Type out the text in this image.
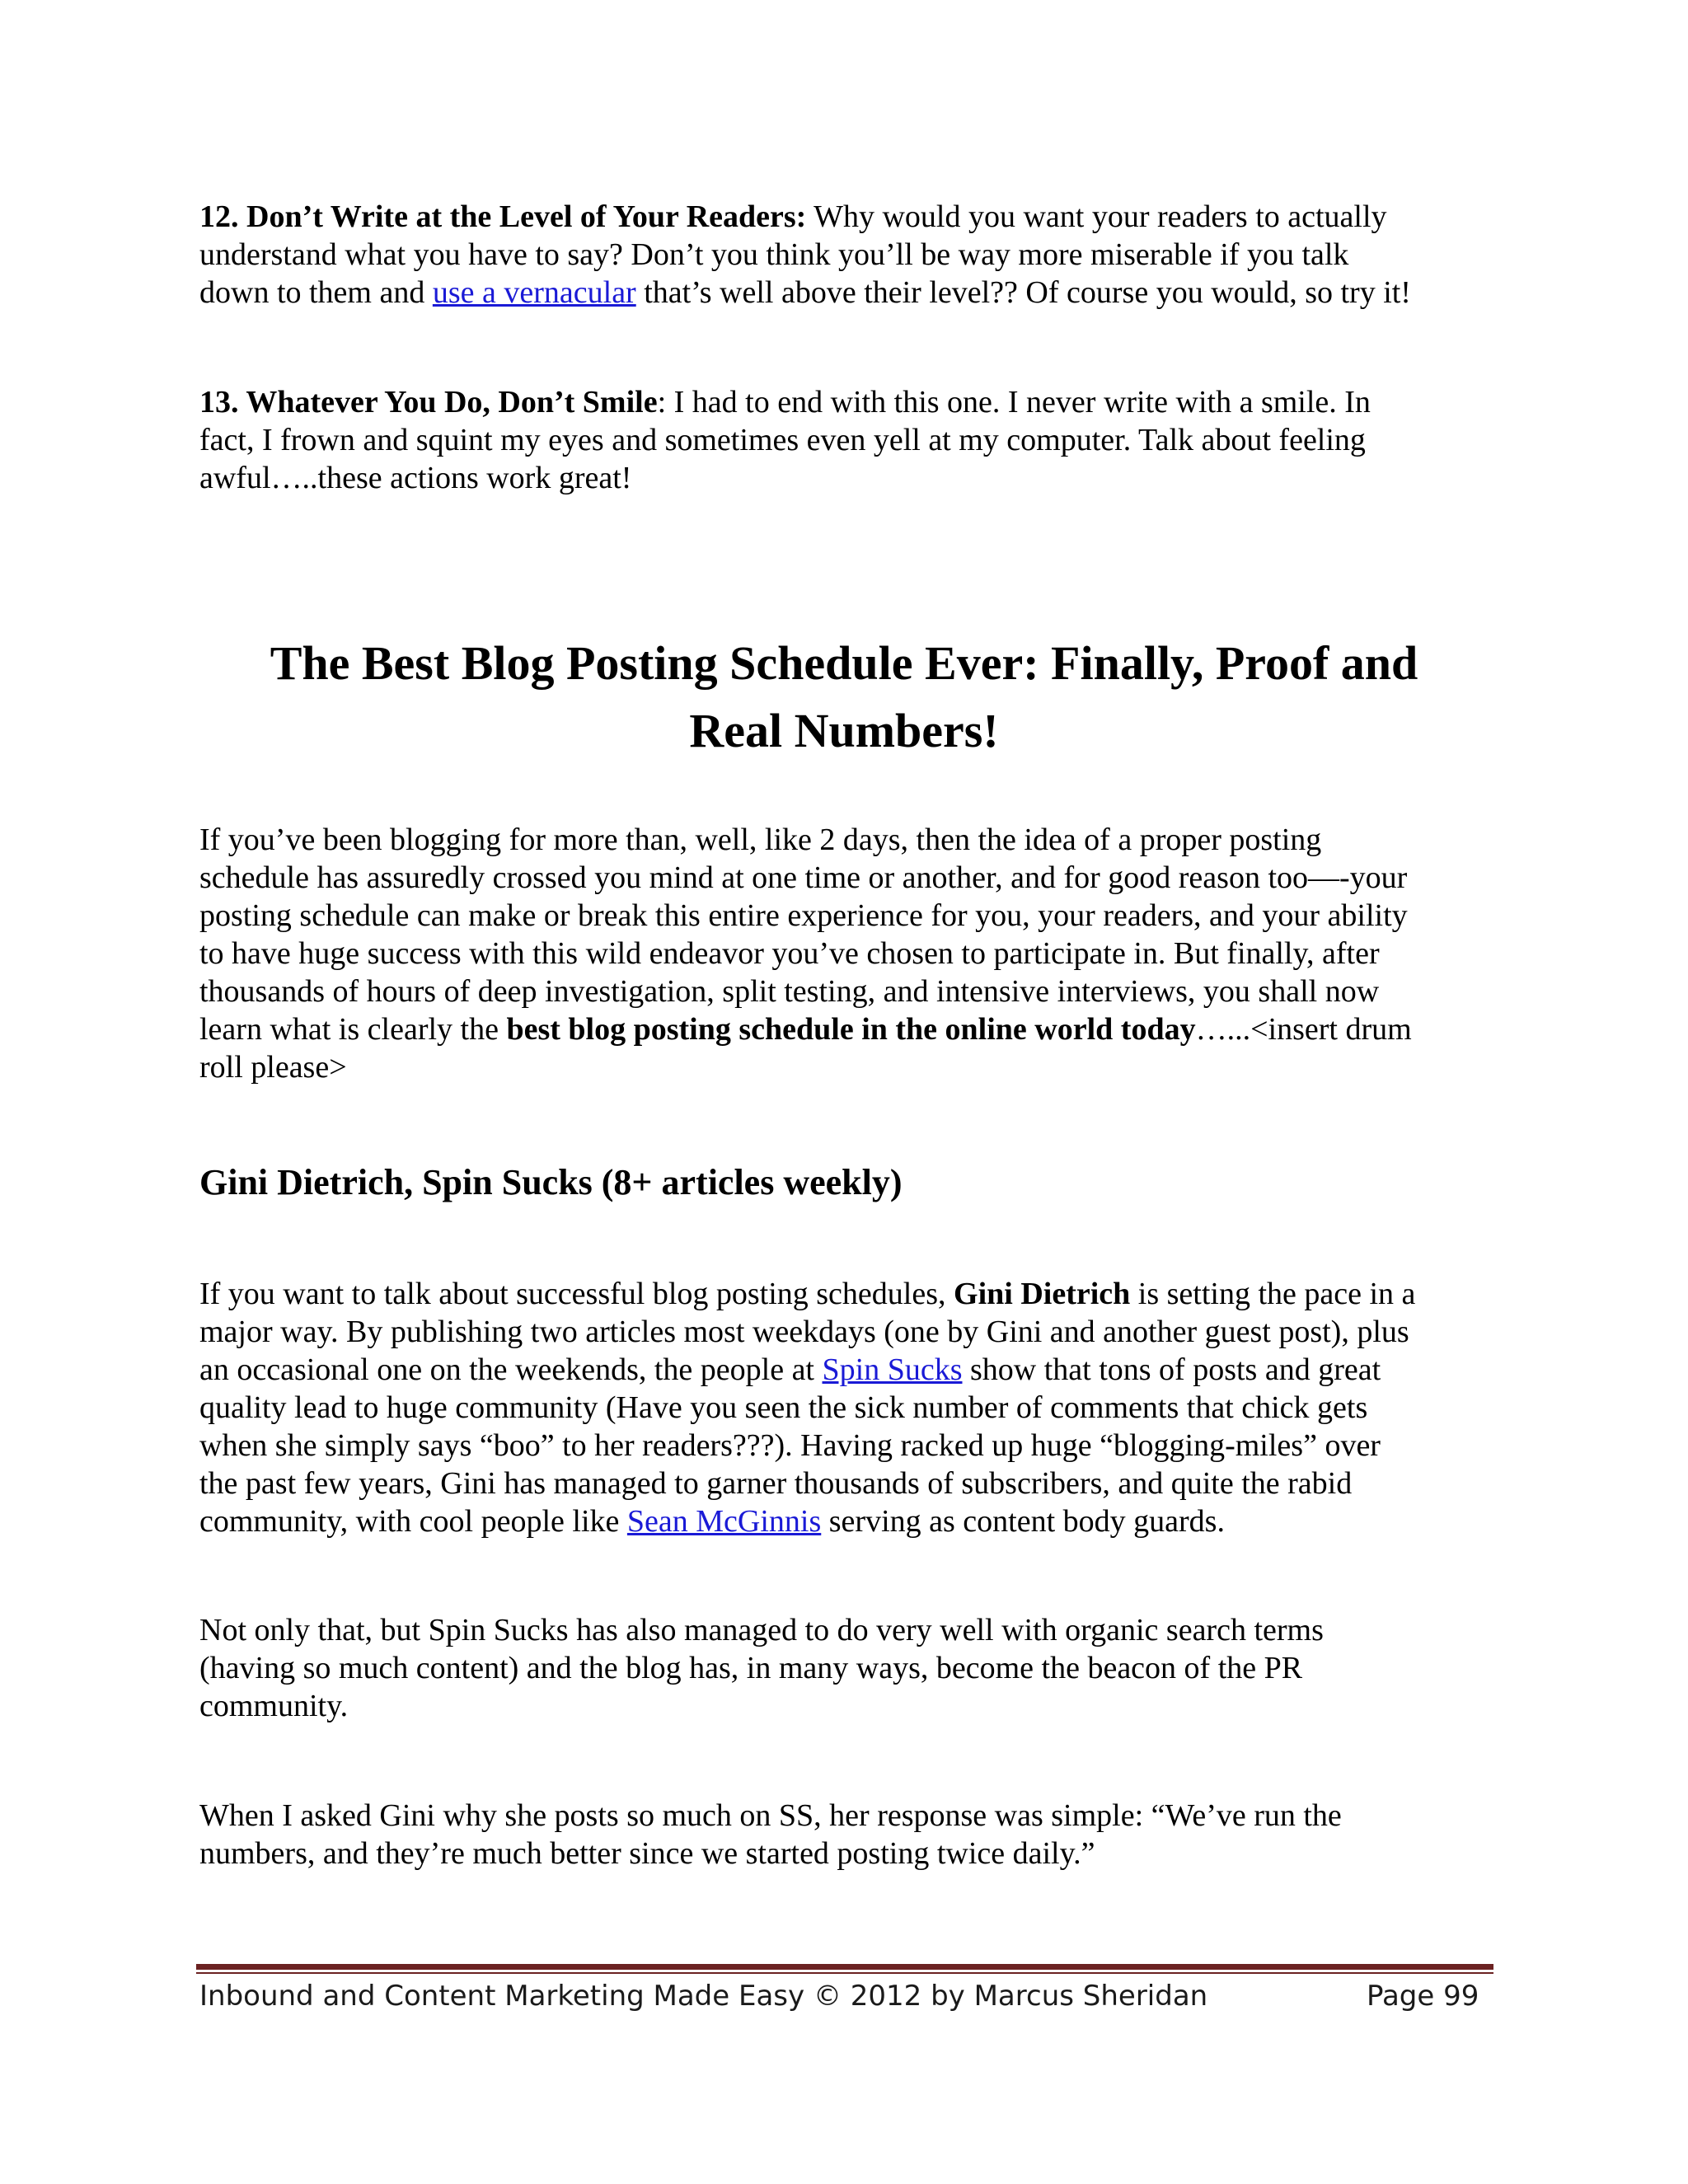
12. Don’t Write at the Level of Your Readers: Why would you want your readers to actually
understand what you have to say? Don’t you think you’ll be way more miserable if you talk
down to them and use a vernacular that’s well above their level?? Of course you would, so try it!

13. Whatever You Do, Don’t Smile: I had to end with this one. I never write with a smile. In
fact, I frown and squint my eyes and sometimes even yell at my computer. Talk about feeling
awful…..these actions work great!

The Best Blog Posting Schedule Ever: Finally, Proof and
Real Numbers!

If you’ve been blogging for more than, well, like 2 days, then the idea of a proper posting
schedule has assuredly crossed you mind at one time or another, and for good reason too—-your
posting schedule can make or break this entire experience for you, your readers, and your ability
to have huge success with this wild endeavor you’ve chosen to participate in. But finally, after
thousands of hours of deep investigation, split testing, and intensive interviews, you shall now
learn what is clearly the best blog posting schedule in the online world today…...<insert drum
roll please>

Gini Dietrich, Spin Sucks (8+ articles weekly)

If you want to talk about successful blog posting schedules, Gini Dietrich is setting the pace in a
major way. By publishing two articles most weekdays (one by Gini and another guest post), plus
an occasional one on the weekends, the people at Spin Sucks show that tons of posts and great
quality lead to huge community (Have you seen the sick number of comments that chick gets
when she simply says “boo” to her readers???). Having racked up huge “blogging-miles” over
the past few years, Gini has managed to garner thousands of subscribers, and quite the rabid
community, with cool people like Sean McGinnis serving as content body guards.

Not only that, but Spin Sucks has also managed to do very well with organic search terms
(having so much content) and the blog has, in many ways, become the beacon of the PR
community.

When I asked Gini why she posts so much on SS, her response was simple: “We’ve run the
numbers, and they’re much better since we started posting twice daily.”

Inbound and Content Marketing Made Easy © 2012 by Marcus Sheridan	Page 99
